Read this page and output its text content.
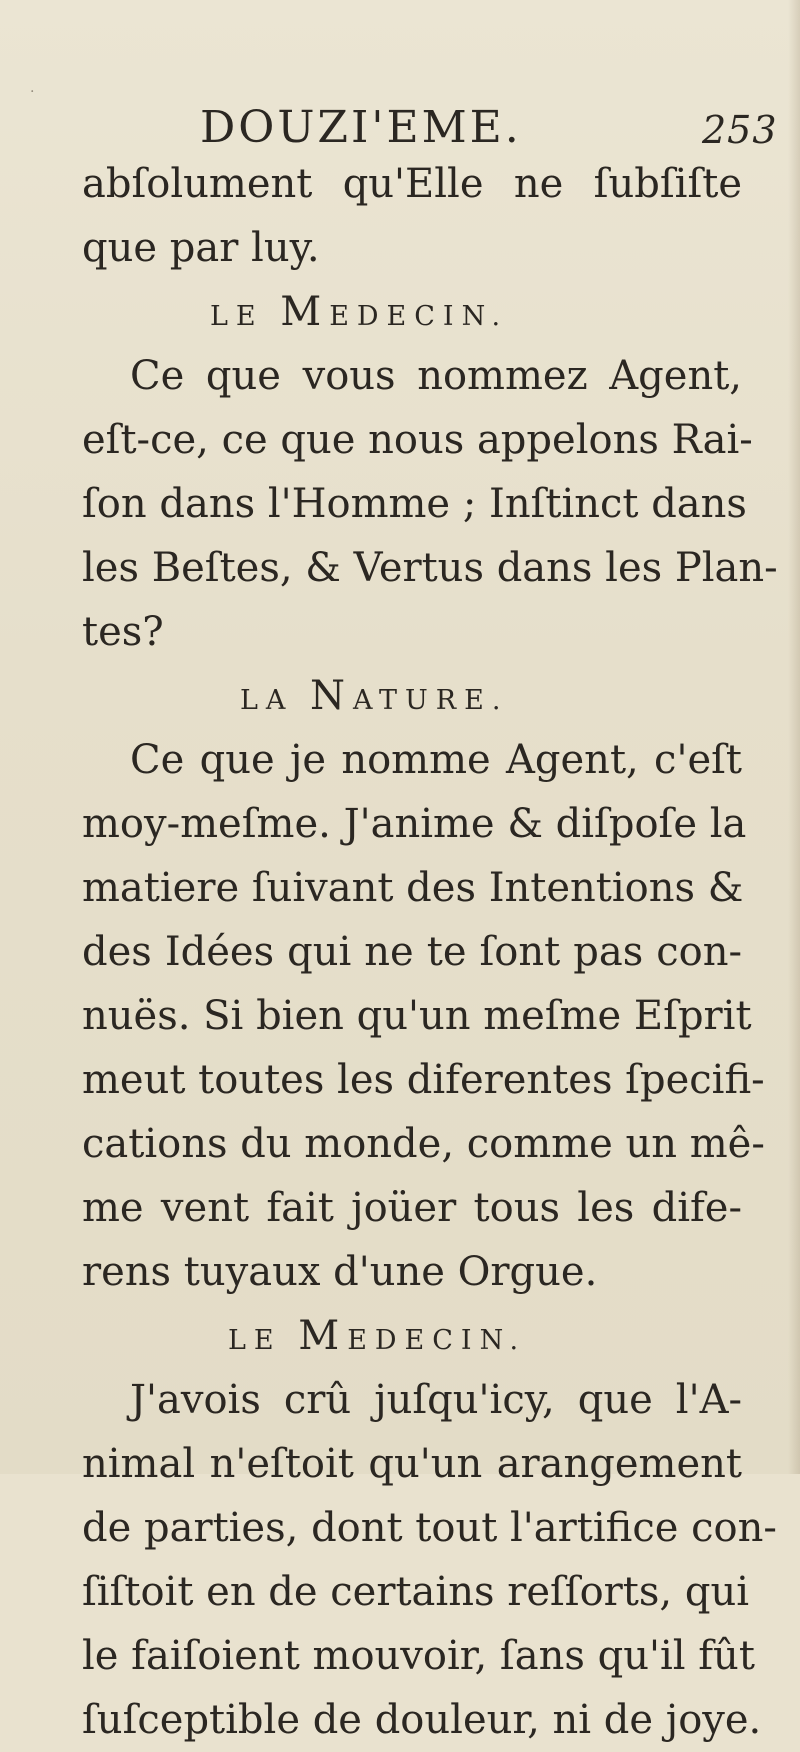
.
DOUZI'EME.	253
abſolument qu'Elle ne ſubſiſte
que par luy.
LE MEDECIN.
Ce que vous nommez Agent,
eſt-ce, ce que nous appelons Rai-
ſon dans l'Homme ; Inſtinct dans
les Beſtes, & Vertus dans les Plan-
tes?
LA NATURE.
Ce que je nomme Agent, c'eſt
moy-meſme. J'anime & diſpoſe la
matiere ſuivant des Intentions &
des Idées qui ne te ſont pas con-
nuës. Si bien qu'un meſme Eſprit
meut toutes les diferentes ſpecifi-
cations du monde, comme un mê-
me vent fait joüer tous les dife-
rens tuyaux d'une Orgue.
LE MEDECIN.
J'avois crû juſqu'icy, que l'A-
nimal n'eſtoit qu'un arangement
de parties, dont tout l'artifice con-
ſiſtoit en de certains reſſorts, qui
le faiſoient mouvoir, ſans qu'il fût
ſuſceptible de douleur, ni de joye.
